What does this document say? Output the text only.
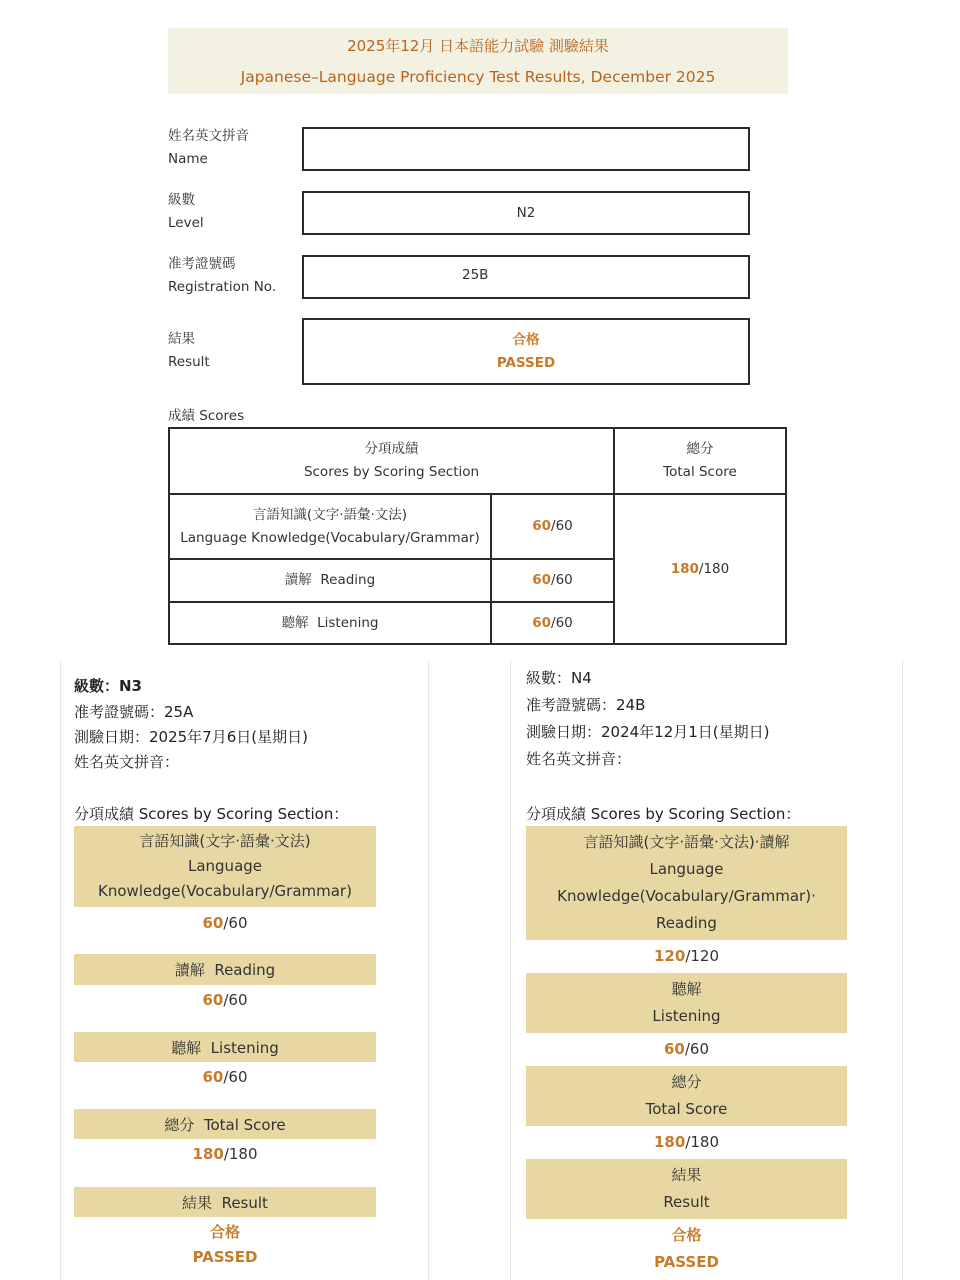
2025年12月 日本語能力試驗 測驗結果
Japanese–Language Proficiency Test Results, December 2025
姓名英文拼音
Name
級數
Level
N2
准考證號碼
Registration No.
25B
結果
Result
合格
PASSED
成績 Scores
分項成績
Scores by Scoring Section
總分
Total Score
言語知識(文字‧語彙‧文法)
Language Knowledge(Vocabulary/Grammar)
60 /60
讀解  Reading	60 /60
聽解  Listening	60 /60
180 /180
級數：N3
准考證號碼：25A
測驗日期：2025年7月6日(星期日)
姓名英文拼音：
分項成績 Scores by Scoring Section：
言語知識(文字‧語彙‧文法)
Language
Knowledge(Vocabulary/Grammar)
60 /60
讀解  Reading
60 /60
聽解  Listening
60 /60
總分  Total Score
180 /180
結果  Result
合格
PASSED
級數：N4
准考證號碼：24B
測驗日期：2024年12月1日(星期日)
姓名英文拼音：
分項成績 Scores by Scoring Section：
言語知識(文字‧語彙‧文法)‧讀解
Language
Knowledge(Vocabulary/Grammar)‧
Reading
120 /120
聽解
Listening
60 /60
總分
Total Score
180 /180
結果
Result
合格
PASSED
